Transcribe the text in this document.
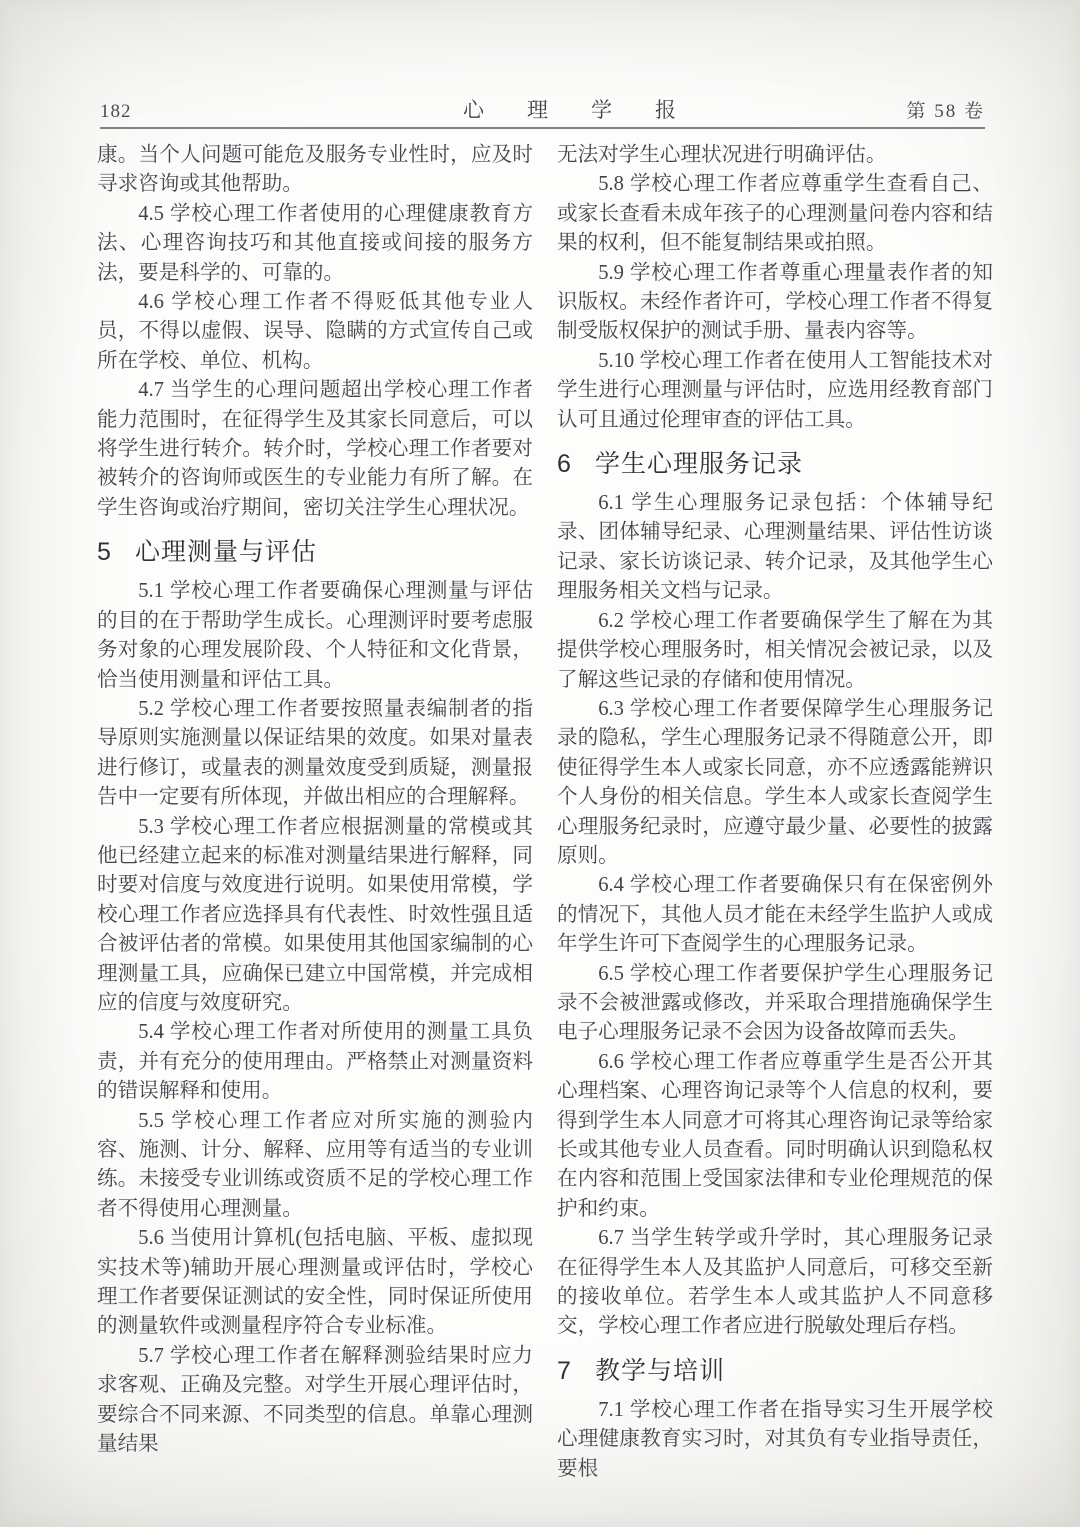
182	心理学报	第 58 卷

康。当个人问题可能危及服务专业性时，应及时寻求咨询或其他帮助。

4.5 学校心理工作者使用的心理健康教育方法、心理咨询技巧和其他直接或间接的服务方法，要是科学的、可靠的。

4.6 学校心理工作者不得贬低其他专业人员，不得以虚假、误导、隐瞒的方式宣传自己或所在学校、单位、机构。

4.7 当学生的心理问题超出学校心理工作者能力范围时，在征得学生及其家长同意后，可以将学生进行转介。转介时，学校心理工作者要对被转介的咨询师或医生的专业能力有所了解。在学生咨询或治疗期间，密切关注学生心理状况。

5 心理测量与评估

5.1 学校心理工作者要确保心理测量与评估的目的在于帮助学生成长。心理测评时要考虑服务对象的心理发展阶段、个人特征和文化背景，恰当使用测量和评估工具。

5.2 学校心理工作者要按照量表编制者的指导原则实施测量以保证结果的效度。如果对量表进行修订，或量表的测量效度受到质疑，测量报告中一定要有所体现，并做出相应的合理解释。

5.3 学校心理工作者应根据测量的常模或其他已经建立起来的标准对测量结果进行解释，同时要对信度与效度进行说明。如果使用常模，学校心理工作者应选择具有代表性、时效性强且适合被评估者的常模。如果使用其他国家编制的心理测量工具，应确保已建立中国常模，并完成相应的信度与效度研究。

5.4 学校心理工作者对所使用的测量工具负责，并有充分的使用理由。严格禁止对测量资料的错误解释和使用。

5.5 学校心理工作者应对所实施的测验内容、施测、计分、解释、应用等有适当的专业训练。未接受专业训练或资质不足的学校心理工作者不得使用心理测量。

5.6 当使用计算机(包括电脑、平板、虚拟现实技术等)辅助开展心理测量或评估时，学校心理工作者要保证测试的安全性，同时保证所使用的测量软件或测量程序符合专业标准。

5.7 学校心理工作者在解释测验结果时应力求客观、正确及完整。对学生开展心理评估时，要综合不同来源、不同类型的信息。单靠心理测量结果

无法对学生心理状况进行明确评估。

5.8 学校心理工作者应尊重学生查看自己、或家长查看未成年孩子的心理测量问卷内容和结果的权利，但不能复制结果或拍照。

5.9 学校心理工作者尊重心理量表作者的知识版权。未经作者许可，学校心理工作者不得复制受版权保护的测试手册、量表内容等。

5.10 学校心理工作者在使用人工智能技术对学生进行心理测量与评估时，应选用经教育部门认可且通过伦理审查的评估工具。

6 学生心理服务记录

6.1 学生心理服务记录包括：个体辅导纪录、团体辅导纪录、心理测量结果、评估性访谈记录、家长访谈记录、转介记录，及其他学生心理服务相关文档与记录。

6.2 学校心理工作者要确保学生了解在为其提供学校心理服务时，相关情况会被记录，以及了解这些记录的存储和使用情况。

6.3 学校心理工作者要保障学生心理服务记录的隐私，学生心理服务记录不得随意公开，即使征得学生本人或家长同意，亦不应透露能辨识个人身份的相关信息。学生本人或家长查阅学生心理服务纪录时，应遵守最少量、必要性的披露原则。

6.4 学校心理工作者要确保只有在保密例外的情况下，其他人员才能在未经学生监护人或成年学生许可下查阅学生的心理服务记录。

6.5 学校心理工作者要保护学生心理服务记录不会被泄露或修改，并采取合理措施确保学生电子心理服务记录不会因为设备故障而丢失。

6.6 学校心理工作者应尊重学生是否公开其心理档案、心理咨询记录等个人信息的权利，要得到学生本人同意才可将其心理咨询记录等给家长或其他专业人员查看。同时明确认识到隐私权在内容和范围上受国家法律和专业伦理规范的保护和约束。

6.7 当学生转学或升学时，其心理服务记录在征得学生本人及其监护人同意后，可移交至新的接收单位。若学生本人或其监护人不同意移交，学校心理工作者应进行脱敏处理后存档。

7 教学与培训

7.1 学校心理工作者在指导实习生开展学校心理健康教育实习时，对其负有专业指导责任，要根
